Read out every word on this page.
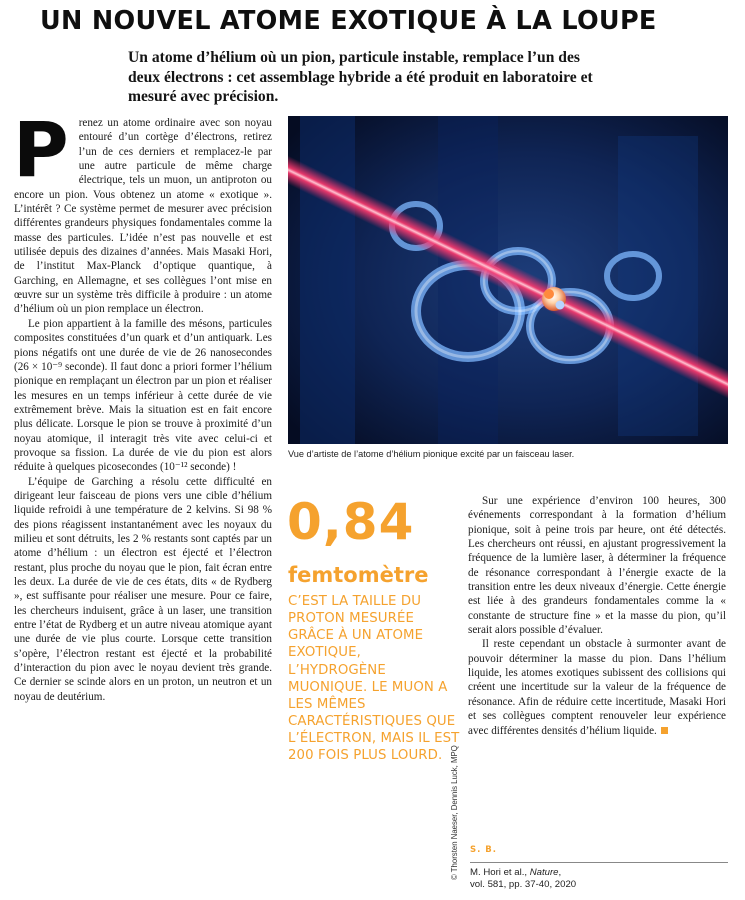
UN NOUVEL ATOME EXOTIQUE À LA LOUPE
Un atome d’hélium où un pion, particule instable, remplace l’un des deux électrons : cet assemblage hybride a été produit en laboratoire et mesuré avec précision.
P renez un atome ordinaire avec son noyau entouré d’un cortège d’électrons, retirez l’un de ces derniers et remplacez-le par une autre particule de même charge électrique, tels un muon, un antiproton ou encore un pion. Vous obtenez un atome « exotique ». L’intérêt ? Ce système permet de mesurer avec précision différentes grandeurs physiques fondamentales comme la masse des particules. L’idée n’est pas nouvelle et est utilisée depuis des dizaines d’années. Mais Masaki Hori, de l’institut Max-Planck d’optique quantique, à Garching, en Allemagne, et ses collègues l’ont mise en œuvre sur un système très difficile à produire : un atome d’hélium où un pion remplace un électron.

Le pion appartient à la famille des mésons, particules composites constituées d’un quark et d’un antiquark. Les pions négatifs ont une durée de vie de 26 nanosecondes (26 × 10⁻⁹ seconde). Il faut donc a priori former l’hélium pionique en remplaçant un électron par un pion et réaliser les mesures en un temps inférieur à cette durée de vie extrêmement brève. Mais la situation est en fait encore plus délicate. Lorsque le pion se trouve à proximité d’un noyau atomique, il interagit très vite avec celui-ci et provoque sa fission. La durée de vie du pion est alors réduite à quelques picosecondes (10⁻¹² seconde) !

L’équipe de Garching a résolu cette difficulté en dirigeant leur faisceau de pions vers une cible d’hélium liquide refroidi à une température de 2 kelvins. Si 98 % des pions réagissent instantanément avec les noyaux du milieu et sont détruits, les 2 % restants sont captés par un atome d’hélium : un électron est éjecté et l’électron restant, plus proche du noyau que le pion, fait écran entre les deux. La durée de vie de ces états, dits « de Rydberg », est suffisante pour réaliser une mesure. Pour ce faire, les chercheurs induisent, grâce à un laser, une transition entre l’état de Rydberg et un autre niveau atomique ayant une durée de vie plus courte. Lorsque cette transition s’opère, l’électron restant est éjecté et la probabilité d’interaction du pion avec le noyau devient très grande. Ce dernier se scinde alors en un proton, un neutron et un noyau de deutérium.

Vue d’artiste de l’atome d’hélium pionique excité par un faisceau laser.
0,84
femtomètre
C’EST LA TAILLE DU PROTON MESURÉE GRÂCE À UN ATOME EXOTIQUE, L’HYDROGÈNE MUONIQUE. LE MUON A LES MÊMES CARACTÉRISTIQUES QUE L’ÉLECTRON, MAIS IL EST 200 FOIS PLUS LOURD. © Thorsten Naeser, Dennis Luck, MPQ

Sur une expérience d’environ 100 heures, 300 événements correspondant à la formation d’hélium pionique, soit à peine trois par heure, ont été détectés. Les chercheurs ont réussi, en ajustant progressivement la fréquence de la lumière laser, à déterminer la fréquence de résonance correspondant à l’énergie exacte de la transition entre les deux niveaux d’énergie. Cette énergie est liée à des grandeurs fondamentales comme la « constante de structure fine » et la masse du pion, qu’il serait alors possible d’évaluer.

Il reste cependant un obstacle à surmonter avant de pouvoir déterminer la masse du pion. Dans l’hélium liquide, les atomes exotiques subissent des collisions qui créent une incertitude sur la valeur de la fréquence de résonance. Afin de réduire cette incertitude, Masaki Hori et ses collègues comptent renouveler leur expérience avec différentes densités d’hélium liquide.

S. B.
M. Hori et al., Nature,
vol. 581, pp. 37-40, 2020
